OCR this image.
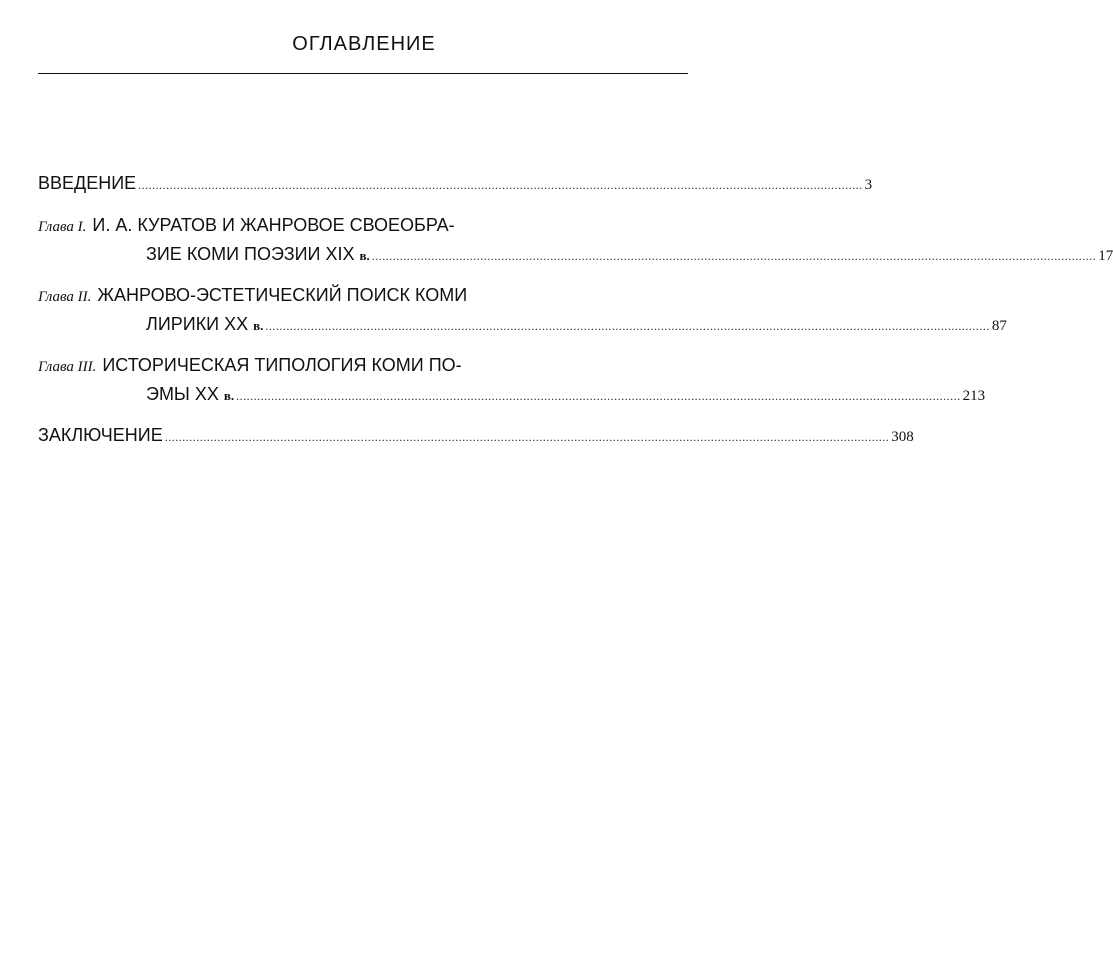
ОГЛАВЛЕНИЕ
ВВЕДЕНИЕ ............................................................................................................................................................................................................... 3
Глава I. И. А. КУРАТОВ И ЖАНРОВОЕ СВОЕОБРА-
ЗИЕ КОМИ ПОЭЗИИ XIX в. ............................................................................................................................................................................................................... 17
Глава II. ЖАНРОВО-ЭСТЕТИЧЕСКИЙ ПОИСК КОМИ
ЛИРИКИ XX в. ............................................................................................................................................................................................................... 87
Глава III. ИСТОРИЧЕСКАЯ ТИПОЛОГИЯ КОМИ ПО-
ЭМЫ XX в. ............................................................................................................................................................................................................... 213
ЗАКЛЮЧЕНИЕ ............................................................................................................................................................................................................... 308
